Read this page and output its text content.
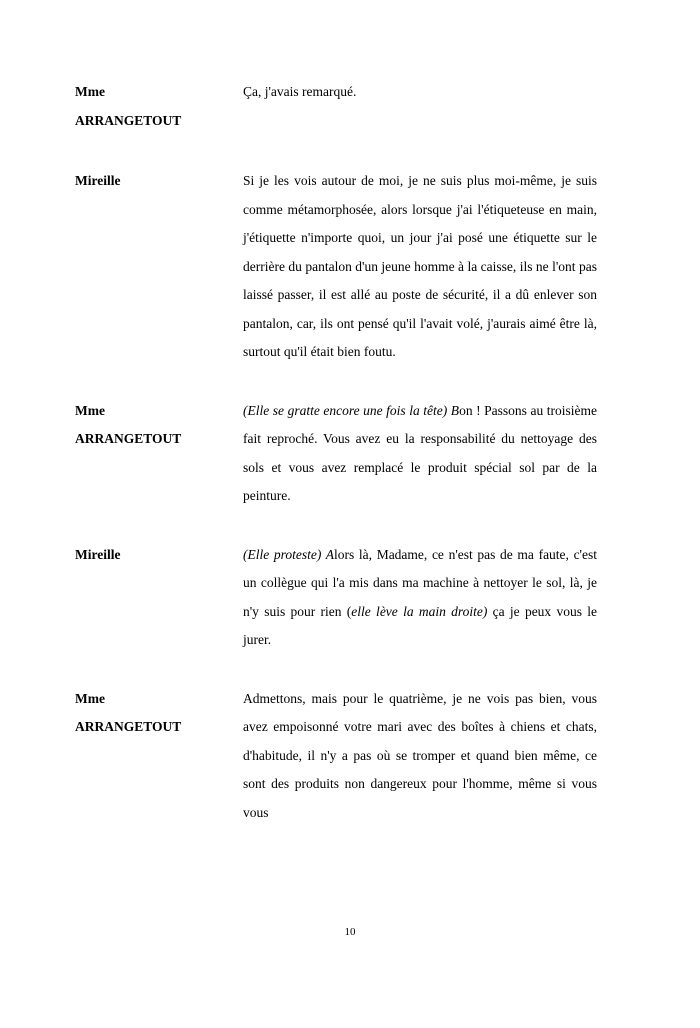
Mme
ARRANGETOUT

Ça, j'avais remarqué.

Mireille	Si je les vois autour de moi, je ne suis plus moi-même, je suis comme métamorphosée, alors lorsque j'ai l'étiqueteuse en main, j'étiquette n'importe quoi, un jour j'ai posé une étiquette sur le derrière du pantalon d'un jeune homme à la caisse, ils ne l'ont pas laissé passer, il est allé au poste de sécurité, il a dû enlever son pantalon, car, ils ont pensé qu'il l'avait volé, j'aurais aimé être là, surtout qu'il était bien foutu.

Mme
ARRANGETOUT

(Elle se gratte encore une fois la tête) Bon ! Passons au troisième fait reproché. Vous avez eu la responsabilité du nettoyage des sols et vous avez remplacé le produit spécial sol par de la peinture.

Mireille	(Elle proteste) Alors là, Madame, ce n'est pas de ma faute, c'est un collègue qui l'a mis dans ma machine à nettoyer le sol, là, je n'y suis pour rien (elle lève la main droite) ça je peux vous le jurer.

Mme
ARRANGETOUT

Admettons, mais pour le quatrième, je ne vois pas bien, vous avez empoisonné votre mari avec des boîtes à chiens et chats, d'habitude, il n'y a pas où se tromper et quand bien même, ce sont des produits non dangereux pour l'homme, même si vous vous

10
